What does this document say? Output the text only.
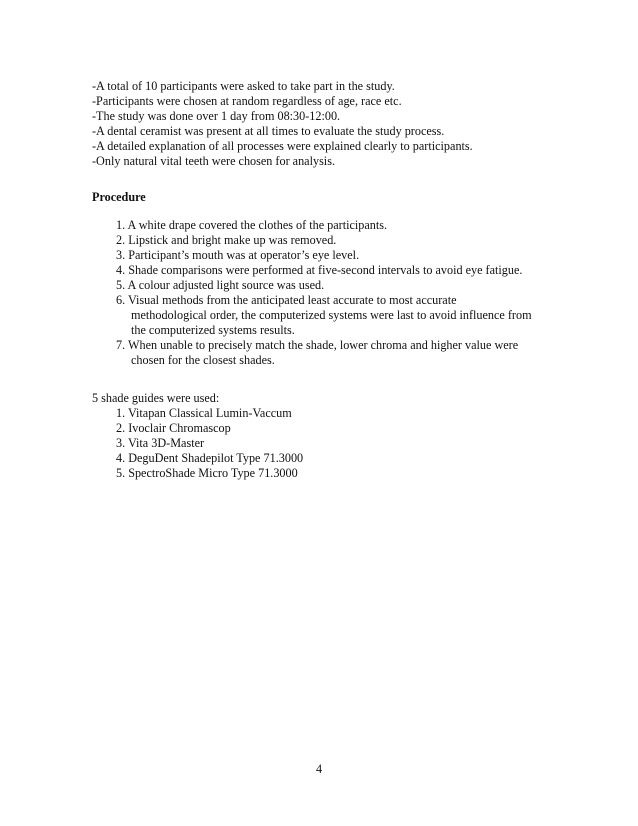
-A total of 10 participants were asked to take part in the study.
-Participants were chosen at random regardless of age, race etc.
-The study was done over 1 day from 08:30-12:00.
-A dental ceramist was present at all times to evaluate the study process.
-A detailed explanation of all processes were explained clearly to participants.
-Only natural vital teeth were chosen for analysis.
Procedure
1. A white drape covered the clothes of the participants.
2. Lipstick and bright make up was removed.
3. Participant’s mouth was at operator’s eye level.
4. Shade comparisons were performed at five-second intervals to avoid eye fatigue.
5. A colour adjusted light source was used.
6. Visual methods from the anticipated least accurate to most accurate
methodological order, the computerized systems were last to avoid influence from
the computerized systems results.
7. When unable to precisely match the shade, lower chroma and higher value were
chosen for the closest shades.
5 shade guides were used:
1. Vitapan Classical Lumin-Vaccum
2. Ivoclair Chromascop
3. Vita 3D-Master
4. DeguDent Shadepilot Type 71.3000
5. SpectroShade Micro Type 71.3000
4
